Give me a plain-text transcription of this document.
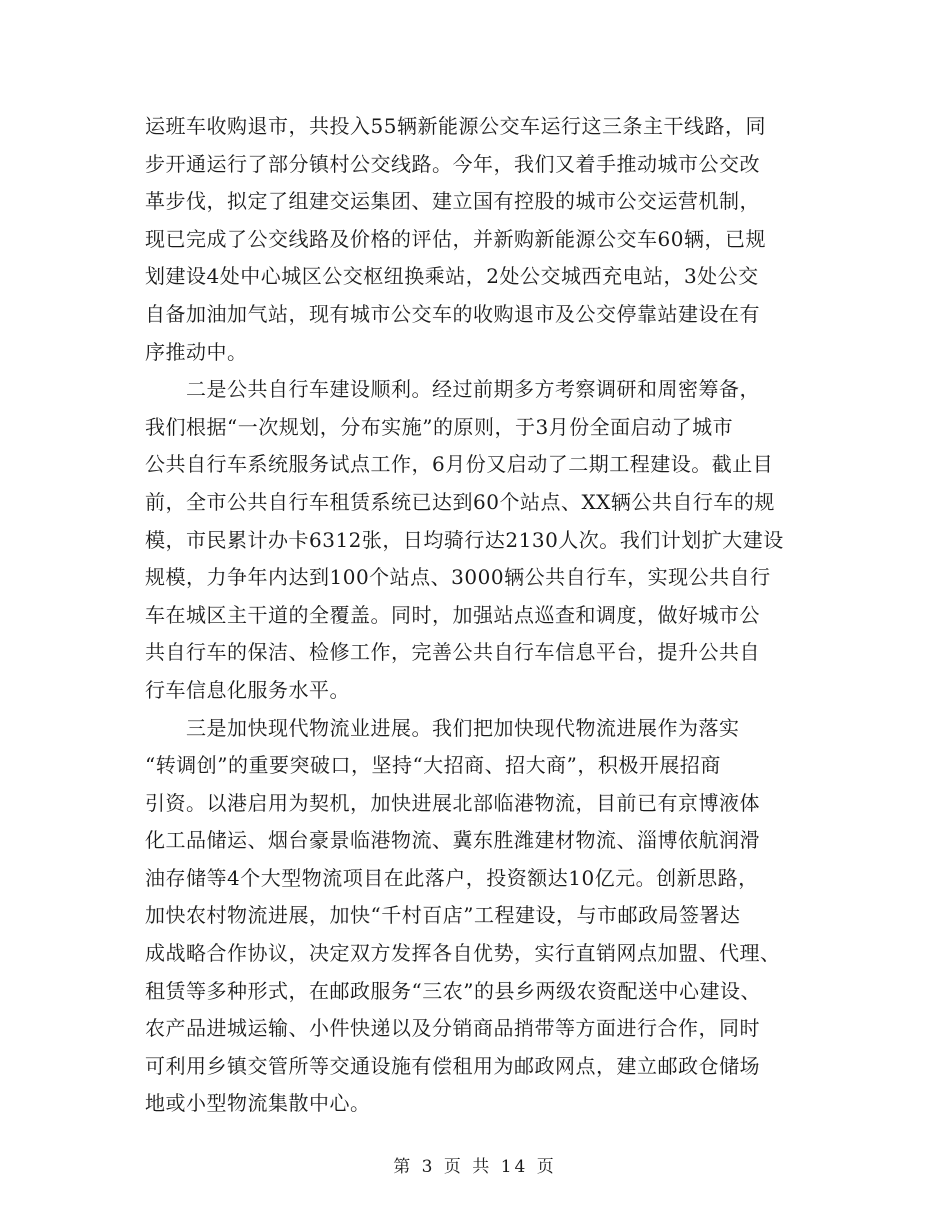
运班车收购退市，共投入55辆新能源公交车运行这三条主干线路，同

步开通运行了部分镇村公交线路。今年，我们又着手推动城市公交改

革步伐，拟定了组建交运集团、建立国有控股的城市公交运营机制，

现已完成了公交线路及价格的评估，并新购新能源公交车60辆，已规

划建设4处中心城区公交枢纽换乘站，2处公交城西充电站，3处公交

自备加油加气站，现有城市公交车的收购退市及公交停靠站建设在有

序推动中。

　　二是公共自行车建设顺利。经过前期多方考察调研和周密筹备，

我们根据“一次规划，分布实施”的原则，于3月份全面启动了城市

公共自行车系统服务试点工作，6月份又启动了二期工程建设。截止目

前，全市公共自行车租赁系统已达到60个站点、XX辆公共自行车的规

模，市民累计办卡6312张，日均骑行达2130人次。我们计划扩大建设

规模，力争年内达到100个站点、3000辆公共自行车，实现公共自行

车在城区主干道的全覆盖。同时，加强站点巡查和调度，做好城市公

共自行车的保洁、检修工作，完善公共自行车信息平台，提升公共自

行车信息化服务水平。

　　三是加快现代物流业进展。我们把加快现代物流进展作为落实

“转调创”的重要突破口，坚持“大招商、招大商”，积极开展招商

引资。以港启用为契机，加快进展北部临港物流，目前已有京博液体

化工品储运、烟台豪景临港物流、冀东胜潍建材物流、淄博依航润滑

油存储等4个大型物流项目在此落户，投资额达10亿元。创新思路，

加快农村物流进展，加快“千村百店”工程建设，与市邮政局签署达

成战略合作协议，决定双方发挥各自优势，实行直销网点加盟、代理、

租赁等多种形式，在邮政服务“三农”的县乡两级农资配送中心建设、

农产品进城运输、小件快递以及分销商品捎带等方面进行合作，同时

可利用乡镇交管所等交通设施有偿租用为邮政网点，建立邮政仓储场

地或小型物流集散中心。

第 3 页 共 14 页
